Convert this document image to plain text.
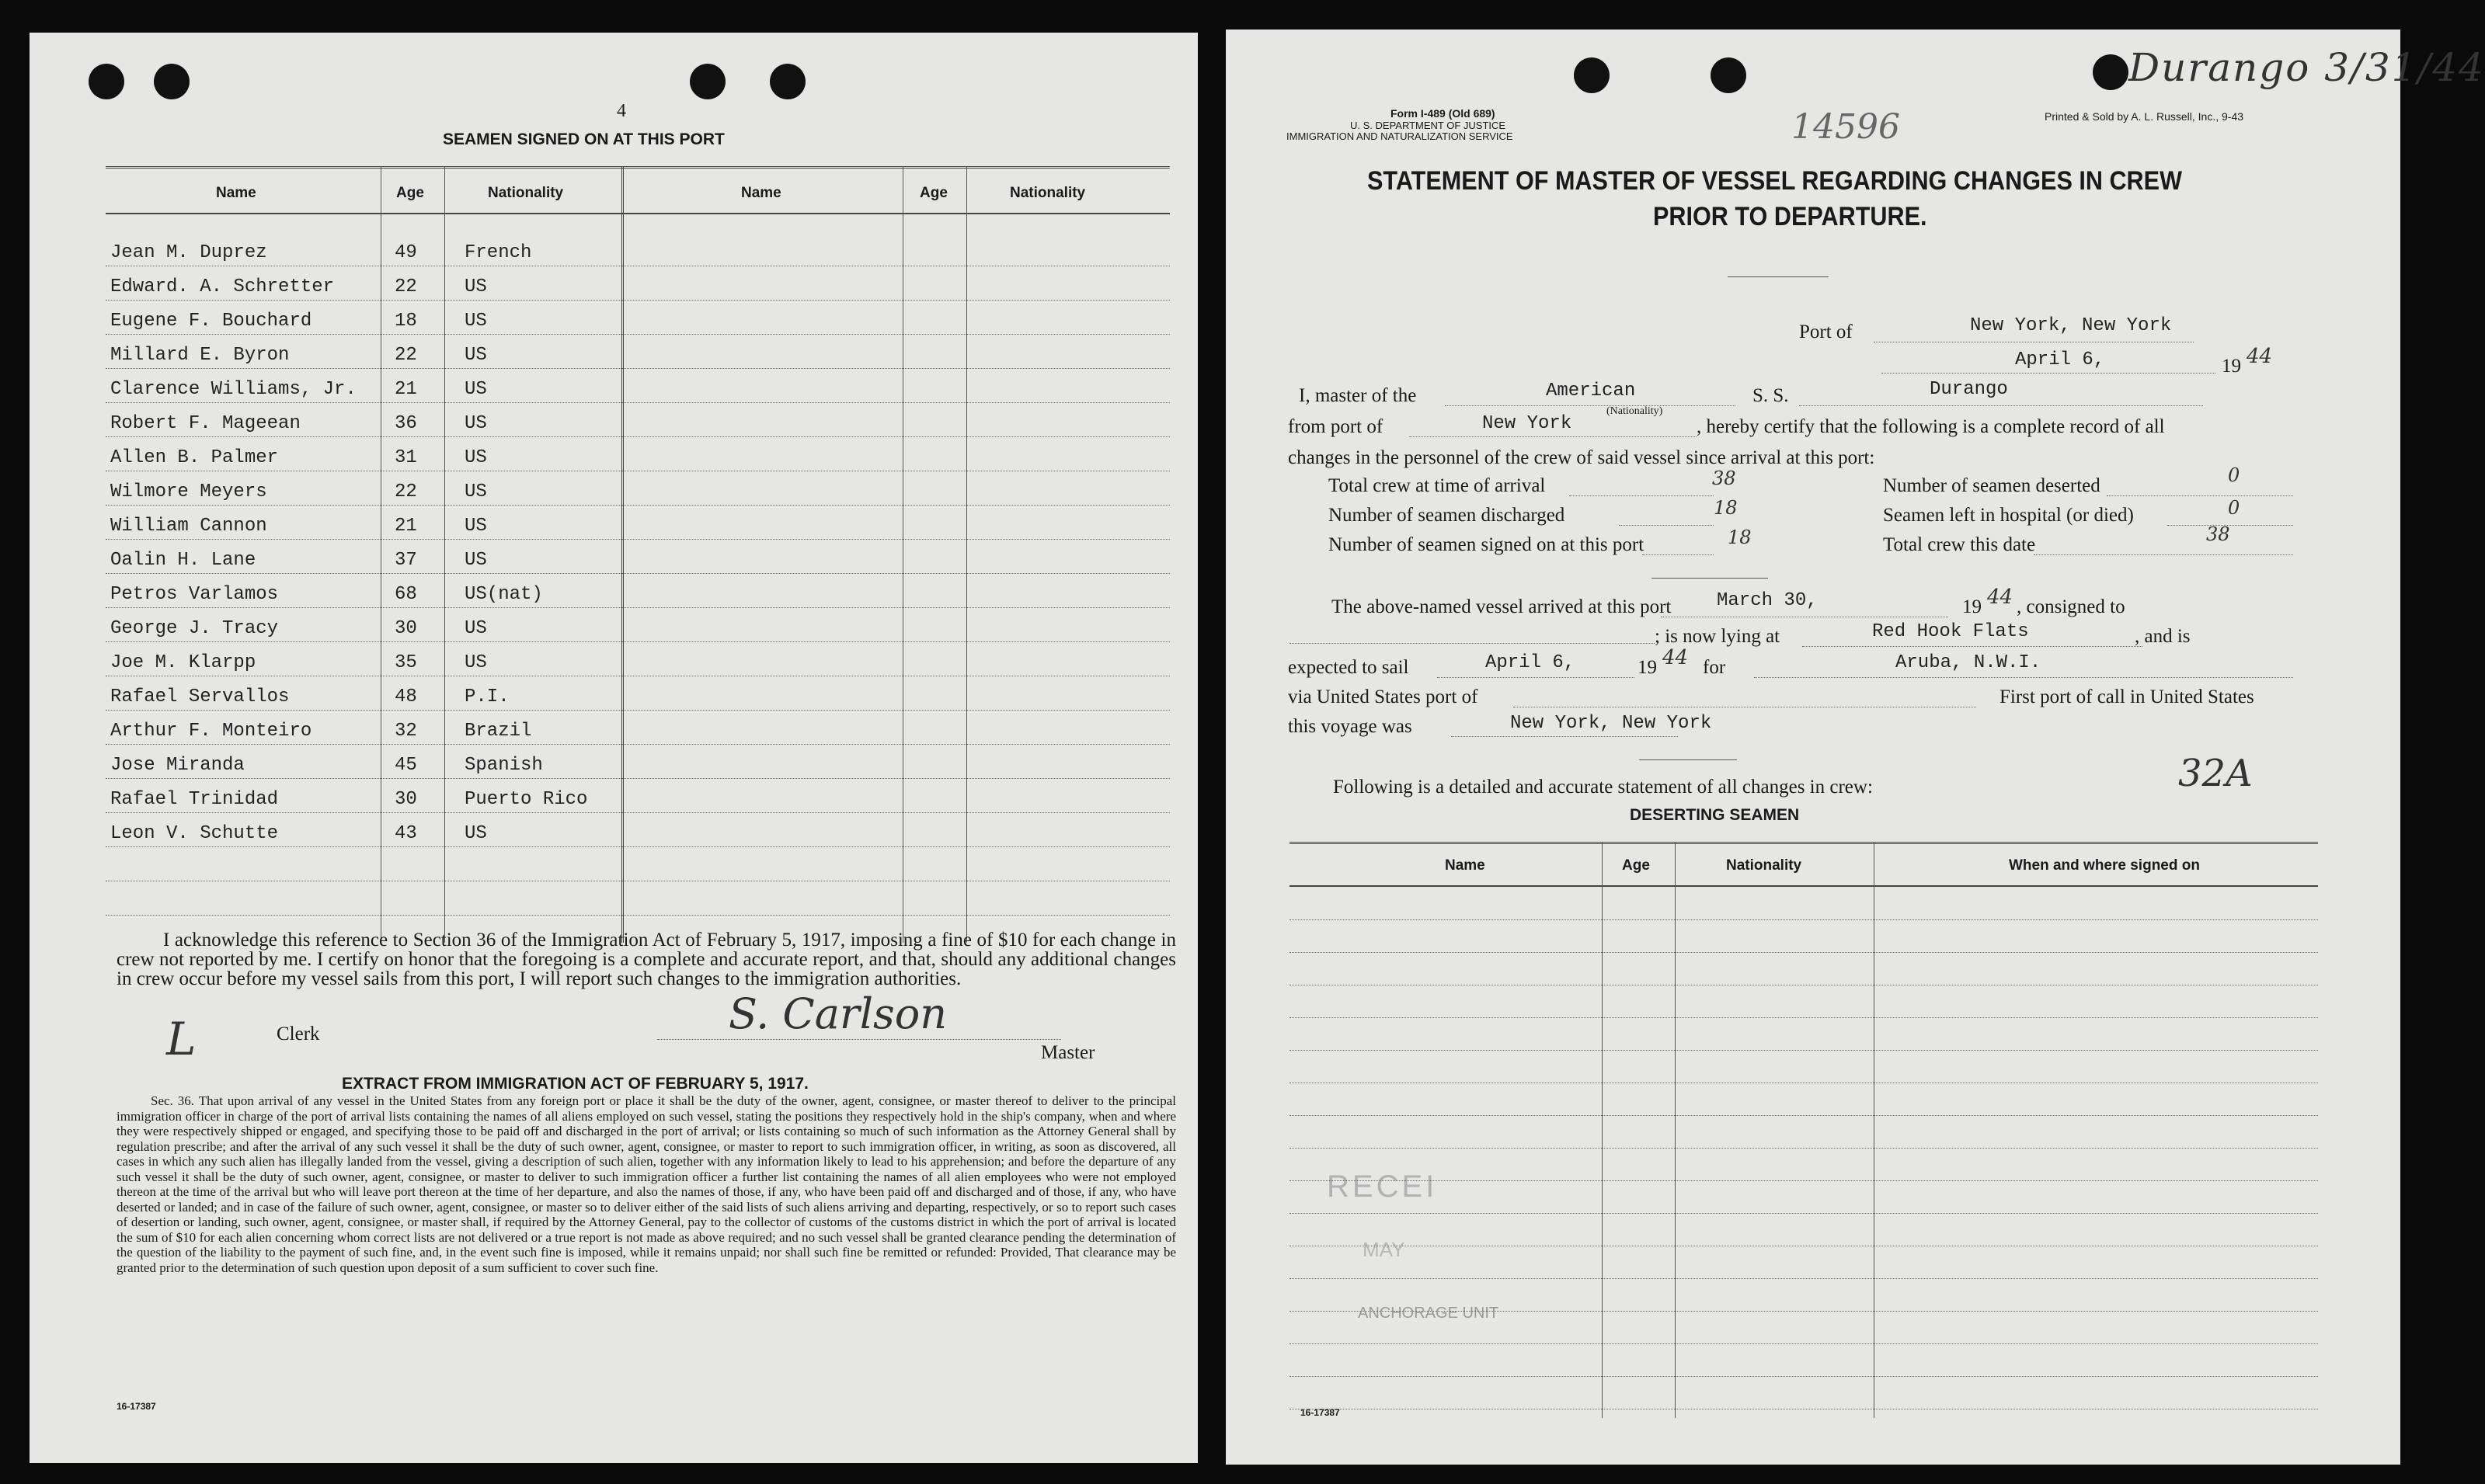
4
SEAMEN SIGNED ON AT THIS PORT
Name	Age	Nationality	Name	Age	Nationality
I acknowledge this reference to Section 36 of the Immigration Act of February 5, 1917, imposing a fine of $10 for each change in crew not reported by me. I certify on honor that the foregoing is a complete and accurate report, and that, should any additional changes in crew occur before my vessel sails from this port, I will report such changes to the immigration authorities.
L	Clerk	S. Carlson
Master
EXTRACT FROM IMMIGRATION ACT OF FEBRUARY 5, 1917.
Sec. 36. That upon arrival of any vessel in the United States from any foreign port or place it shall be the duty of the owner, agent, consignee, or master thereof to deliver to the principal immigration officer in charge of the port of arrival lists containing the names of all aliens employed on such vessel, stating the positions they respectively hold in the ship's company, when and where they were respectively shipped or engaged, and specifying those to be paid off and discharged in the port of arrival; or lists containing so much of such information as the Attorney General shall by regulation prescribe; and after the arrival of any such vessel it shall be the duty of such owner, agent, consignee, or master to report to such immigration officer, in writing, as soon as discovered, all cases in which any such alien has illegally landed from the vessel, giving a description of such alien, together with any information likely to lead to his apprehension; and before the departure of any such vessel it shall be the duty of such owner, agent, consignee, or master to deliver to such immigration officer a further list containing the names of all alien employees who were not employed thereon at the time of the arrival but who will leave port thereon at the time of her departure, and also the names of those, if any, who have been paid off and discharged and of those, if any, who have deserted or landed; and in case of the failure of such owner, agent, consignee, or master so to deliver either of the said lists of such aliens arriving and departing, respectively, or so to report such cases of desertion or landing, such owner, agent, consignee, or master shall, if required by the Attorney General, pay to the collector of customs of the customs district in which the port of arrival is located the sum of $10 for each alien concerning whom correct lists are not delivered or a true report is not made as above required; and no such vessel shall be granted clearance pending the determination of the question of the liability to the payment of such fine, and, in the event such fine is imposed, while it remains unpaid; nor shall such fine be remitted or refunded: Provided, That clearance may be granted prior to the determination of such question upon deposit of a sum sufficient to cover such fine.
16-17387
Jean M. Duprez	49	French
Edward. A. Schretter	22	US
Eugene F. Bouchard	18	US
Millard E. Byron	22	US
Clarence Williams, Jr. 21	US
Robert F. Mageean	36	US
Allen B. Palmer	31	US
Wilmore Meyers	22	US
William Cannon	21	US
Oalin H. Lane	37	US
Petros Varlamos	68	US(nat)
George J. Tracy	30	US
Joe M. Klarpp	35	US
Rafael Servallos	48	P.I.
Arthur F. Monteiro	32	Brazil
Jose Miranda	45	Spanish
Rafael Trinidad	30	Puerto Rico
Leon V. Schutte	43	US
Form I-489 (Old 689)
U. S. DEPARTMENT OF JUSTICE
IMMIGRATION AND NATURALIZATION SERVICE
Printed & Sold by A. L. Russell, Inc., 9-43
14596
Durango 3/31/44
STATEMENT OF MASTER OF VESSEL REGARDING CHANGES IN CREW
PRIOR TO DEPARTURE.
Port of	New York, New York
April 6,	19 44
I, master of the	American
(Nationality)
S. S.	Durango
from port of	New York	, hereby certify that the following is a complete record of all
changes in the personnel of the crew of said vessel since arrival at this port:
Total crew at time of arrival	38
Number of seamen discharged	18
Number of seamen signed on at this port	18
Number of seamen deserted	0
Seamen left in hospital (or died)	0
Total crew this date	38
The above-named vessel arrived at this port March 30,	19 44 , consigned to
; is now lying at	Red Hook Flats	, and is
expected to sail	April 6,	19 44 for	Aruba, N.W.I.
via United States port of	First port of call in United States
this voyage was	New York, New York
Following is a detailed and accurate statement of all changes in crew:	32A
DESERTING SEAMEN
Name	Age	Nationality	When and where signed on
RECEI
MAY
ANCHORAGE UNIT
16-17387
